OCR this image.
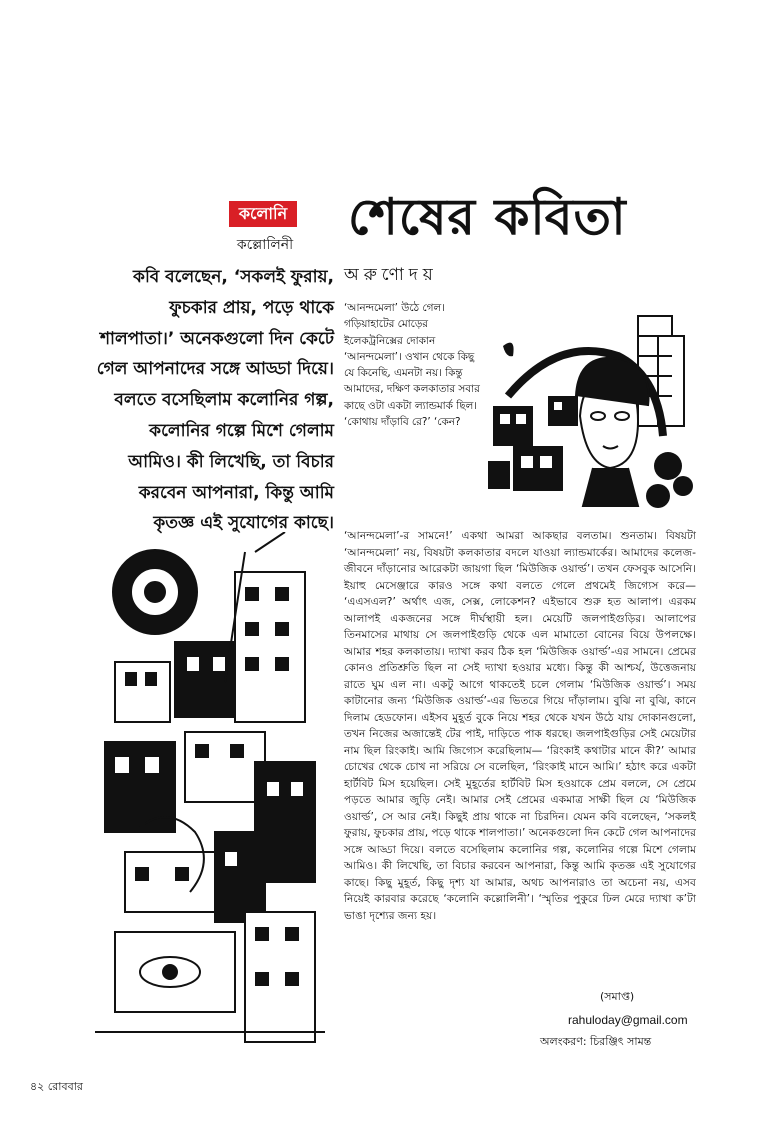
কলোনি
কল্লোলিনী শেষের কবিতা
অরুণোদয়
কবি বলেছেন, ‘সকলই ফুরায়, ফুচকার প্রায়, পড়ে থাকে শালপাতা।’ অনেকগুলো দিন কেটে গেল আপনাদের সঙ্গে আড্ডা দিয়ে। বলতে বসেছিলাম কলোনির গল্প, কলোনির গল্পে মিশে গেলাম আমিও। কী লিখেছি, তা বিচার করবেন আপনারা, কিন্তু আমি কৃতজ্ঞ এই সুযোগের কাছে।
‘আনন্দমেলা’ উঠে গেল। গড়িয়াহাটের মোড়ের ইলেকট্রনিক্সের দোকান ‘আনন্দমেলা’। ওখান থেকে কিছু যে কিনেছি, এমনটা নয়। কিন্তু আমাদের, দক্ষিণ কলকাতার সবার কাছে ওটা একটা ল্যান্ডমার্ক ছিল। ‘কোথায় দাঁড়াবি রে?’ ‘কেন?
‘আনন্দমেলা’-র সামনে!’ একথা আমরা আকছার বলতাম। শুনতাম। বিষয়টা ‘আনন্দমেলা’ নয়, বিষয়টা কলকাতার বদলে যাওয়া ল্যান্ডমার্কের। আমাদের কলেজ-জীবনে দাঁড়ানোর আরেকটা জায়গা ছিল ‘মিউজিক ওয়ার্ল্ড’। তখন ফেসবুক আসেনি। ইয়াহু মেসেঞ্জারে কারও সঙ্গে কথা বলতে গেলে প্রথমেই জিগ্যেস করে— ‘এএসএল?’ অর্থাৎ এজ, সেক্স, লোকেশন? এইভাবে শুরু হত আলাপ। এরকম আলাপই একজনের সঙ্গে দীর্ঘস্থায়ী হল। মেয়েটি জলপাইগুড়ির। আলাপের তিনমাসের মাথায় সে জলপাইগুড়ি থেকে এল মামাতো বোনের বিয়ে উপলক্ষে। আমার শহর কলকাতায়। দ্যাখা করব ঠিক হল ‘মিউজিক ওয়ার্ল্ড’-এর সামনে। প্রেমের কোনও প্রতিশ্রুতি ছিল না সেই দ্যাখা হওয়ার মধ্যে। কিন্তু কী আশ্চর্য, উত্তেজনায় রাতে ঘুম এল না। একটু আগে থাকতেই চলে গেলাম ‘মিউজিক ওয়ার্ল্ড’। সময় কাটানোর জন্য ‘মিউজিক ওয়ার্ল্ড’-এর ভিতরে গিয়ে দাঁড়ালাম। বুঝি না বুঝি, কানে দিলাম হেডফোন। এইসব মুহূর্ত বুকে নিয়ে শহর থেকে যখন উঠে যায় দোকানগুলো, তখন নিজের অজান্তেই টের পাই, দাড়িতে পাক ধরছে। জলপাইগুড়ির সেই মেয়েটার নাম ছিল রিংকাই। আমি জিগ্যেস করেছিলাম— ‘রিংকাই কথাটার মানে কী?’ আমার চোখের থেকে চোখ না সরিয়ে সে বলেছিল, ‘রিংকাই মানে আমি।’ হঠাৎ করে একটা হার্টবিট মিস হয়েছিল। সেই মুহূর্তের হার্টবিট মিস হওয়াকে প্রেম বললে, সে প্রেমে পড়তে আমার জুড়ি নেই। আমার সেই প্রেমের একমাত্র সাক্ষী ছিল যে ‘মিউজিক ওয়ার্ল্ড’, সে আর নেই। কিছুই প্রায় থাকে না চিরদিন। যেমন কবি বলেছেন, ‘সকলই ফুরায়, ফুচকার প্রায়, পড়ে থাকে শালপাতা।’ অনেকগুলো দিন কেটে গেল আপনাদের সঙ্গে আড্ডা দিয়ে। বলতে বসেছিলাম কলোনির গল্প, কলোনির গল্পে মিশে গেলাম আমিও। কী লিখেছি, তা বিচার করবেন আপনারা, কিন্তু আমি কৃতজ্ঞ এই সুযোগের কাছে। কিছু মুহূর্ত, কিছু দৃশ্য যা আমার, অথচ আপনারাও তা অচেনা নয়, এসব নিয়েই কারবার করেছে ‘কলোনি কল্লোলিনী’। ‘স্মৃতির পুকুরে ঢিল মেরে দ্যাখা ক’টা ভাঙা দৃশ্যের জন্য হয়।
(সমাপ্ত)
rahuloday@gmail.com
অলংকরণ: চিরঞ্জিৎ সামন্ত
৪২ রোববার
